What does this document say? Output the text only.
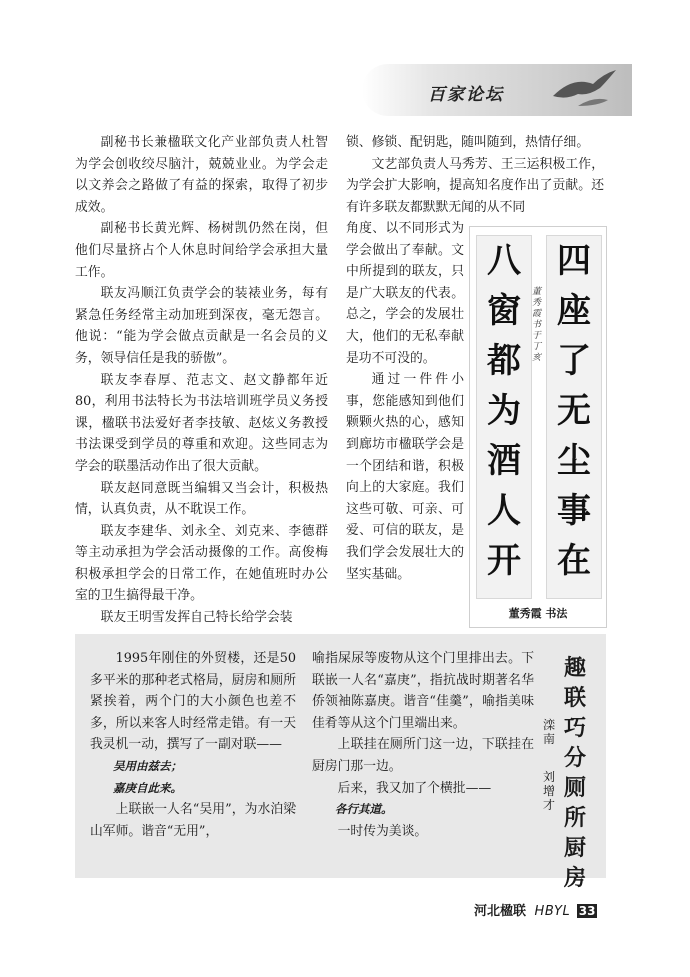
百家论坛

副秘书长兼楹联文化产业部负责人杜智为学会创收绞尽脑汁，兢兢业业。为学会走以文养会之路做了有益的探索，取得了初步成效。

副秘书长黄光辉、杨树凯仍然在岗，但他们尽量挤占个人休息时间给学会承担大量工作。

联友冯顺江负责学会的装裱业务，每有紧急任务经常主动加班到深夜，毫无怨言。他说：“能为学会做点贡献是一名会员的义务，领导信任是我的骄傲”。

联友李春厚、范志文、赵文静都年近80，利用书法特长为书法培训班学员义务授课，楹联书法爱好者李技敏、赵炫义务教授书法课受到学员的尊重和欢迎。这些同志为学会的联墨活动作出了很大贡献。

联友赵同意既当编辑又当会计，积极热情，认真负责，从不耽误工作。

联友李建华、刘永全、刘克来、李德群等主动承担为学会活动摄像的工作。高俊梅积极承担学会的日常工作，在她值班时办公室的卫生搞得最干净。

联友王明雪发挥自己特长给学会装

锁、修锁、配钥匙，随叫随到，热情仔细。

文艺部负责人马秀芳、王三运积极工作，为学会扩大影响，提高知名度作出了贡献。还有许多联友都默默无闻的从不同

角度、以不同形式为学会做出了奉献。文中所提到的联友，只是广大联友的代表。总之，学会的发展壮大，他们的无私奉献是功不可没的。

通过一件件小事，您能感知到他们颗颗火热的心，感知到廊坊市楹联学会是一个团结和谐，积极向上的大家庭。我们这些可敬、可亲、可爱、可信的联友，是我们学会发展壮大的坚实基础。

八
窗
都
为
酒
人
开
四
座
了
无
尘
事
在
董秀霞书于丁亥
董秀霞 书法

1995年刚住的外贸楼，还是50多平米的那种老式格局，厨房和厕所紧挨着，两个门的大小颜色也差不多，所以来客人时经常走错。有一天我灵机一动，撰写了一副对联——

吴用由兹去；

嘉庚自此来。

上联嵌一人名“吴用”，为水泊梁山军师。谐音“无用”，

喻指屎尿等废物从这个门里排出去。下联嵌一人名“嘉庚”，指抗战时期著名华侨领袖陈嘉庚。谐音“佳羹”，喻指美味佳肴等从这个门里端出来。

上联挂在厕所门这一边，下联挂在厨房门那一边。

后来，我又加了个横批——

各行其道。

一时传为美谈。

趣
联
巧
分
厕
所
厨
房
滦南
刘增才
河北楹联 HBYL 33
